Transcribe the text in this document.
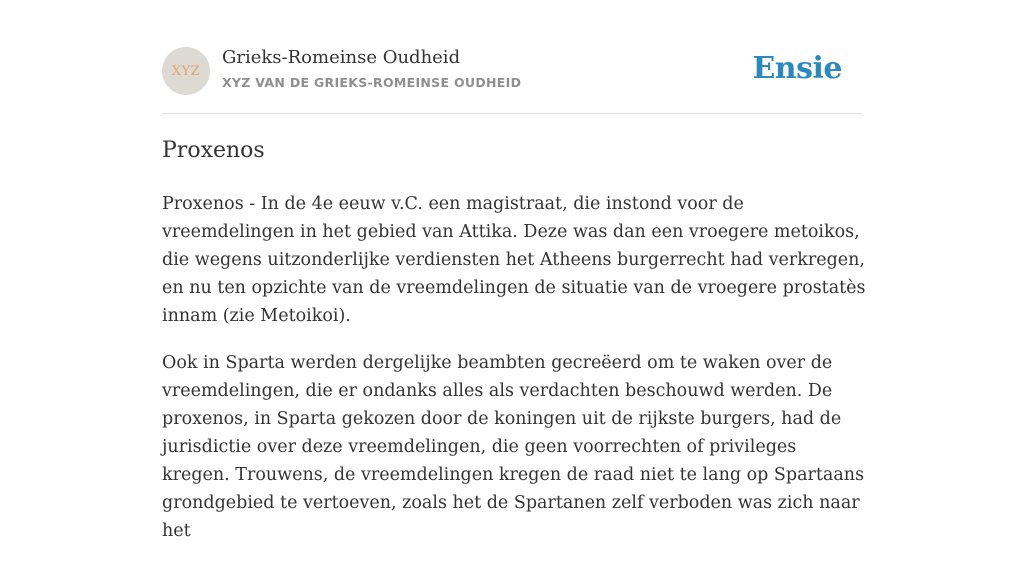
XYZ
Grieks-Romeinse Oudheid
XYZ VAN DE GRIEKS-ROMEINSE OUDHEID	Ensie
Proxenos

Proxenos - In de 4e eeuw v.C. een magistraat, die instond voor de vreemdelingen in het gebied van Attika. Deze was dan een vroegere metoikos, die wegens uitzonderlijke verdiensten het Atheens burgerrecht had verkregen, en nu ten opzichte van de vreemdelingen de situatie van de vroegere prostatès innam (zie Metoikoi).

Ook in Sparta werden dergelijke beambten gecreëerd om te waken over de vreemdelingen, die er ondanks alles als verdachten beschouwd werden. De proxenos, in Sparta gekozen door de koningen uit de rijkste burgers, had de jurisdictie over deze vreemdelingen, die geen voorrechten of privileges kregen. Trouwens, de vreemdelingen kregen de raad niet te lang op Spartaans grondgebied te vertoeven, zoals het de Spartanen zelf verboden was zich naar het
